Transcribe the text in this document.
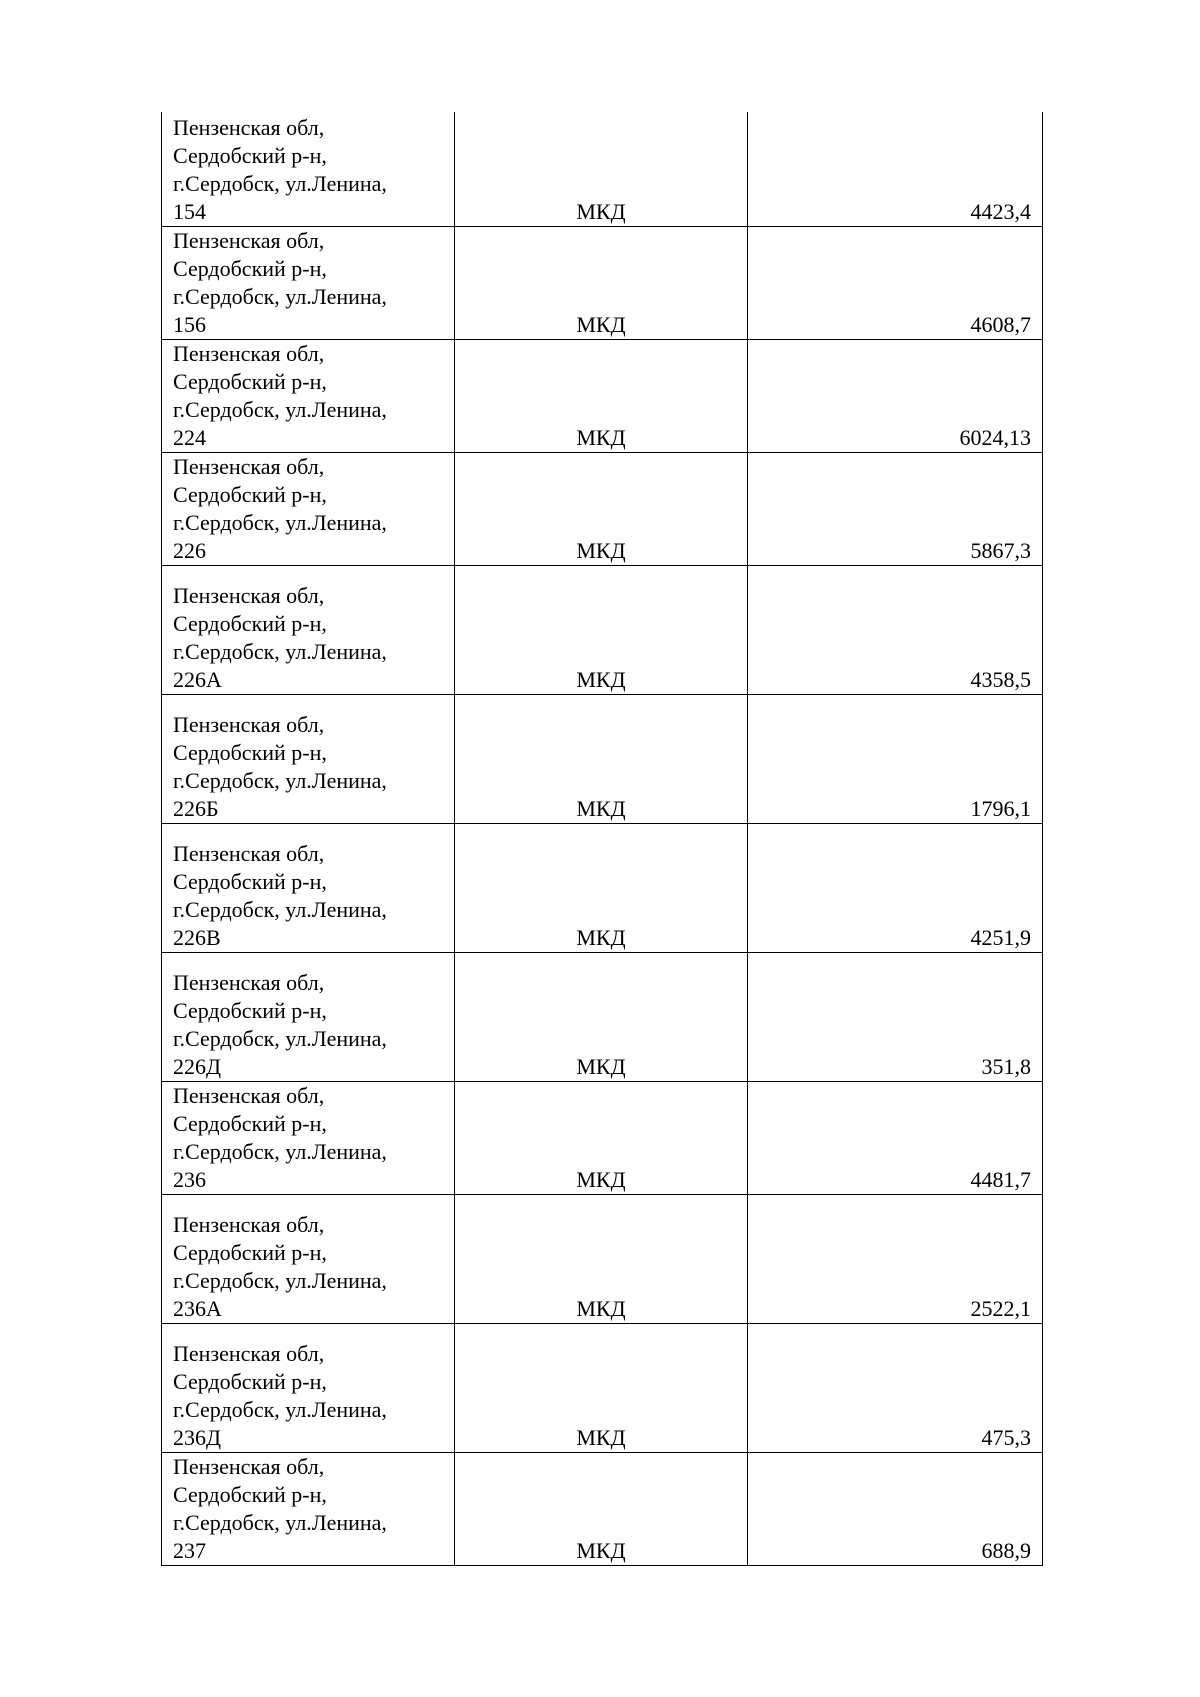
Пензенская обл,
Сердобский р-н,
г.Сердобск, ул.Ленина,
154	МКД	4423,4

Пензенская обл,
Сердобский р-н,
г.Сердобск, ул.Ленина,
156	МКД	4608,7

Пензенская обл,
Сердобский р-н,
г.Сердобск, ул.Ленина,
224	МКД	6024,13

Пензенская обл,
Сердобский р-н,
г.Сердобск, ул.Ленина,
226	МКД	5867,3

Пензенская обл,
Сердобский р-н,
г.Сердобск, ул.Ленина,
226А	МКД	4358,5

Пензенская обл,
Сердобский р-н,
г.Сердобск, ул.Ленина,
226Б	МКД	1796,1

Пензенская обл,
Сердобский р-н,
г.Сердобск, ул.Ленина,
226В	МКД	4251,9

Пензенская обл,
Сердобский р-н,
г.Сердобск, ул.Ленина,
226Д	МКД	351,8

Пензенская обл,
Сердобский р-н,
г.Сердобск, ул.Ленина,
236	МКД	4481,7

Пензенская обл,
Сердобский р-н,
г.Сердобск, ул.Ленина,
236А	МКД	2522,1

Пензенская обл,
Сердобский р-н,
г.Сердобск, ул.Ленина,
236Д	МКД	475,3

Пензенская обл,
Сердобский р-н,
г.Сердобск, ул.Ленина,
237	МКД	688,9
